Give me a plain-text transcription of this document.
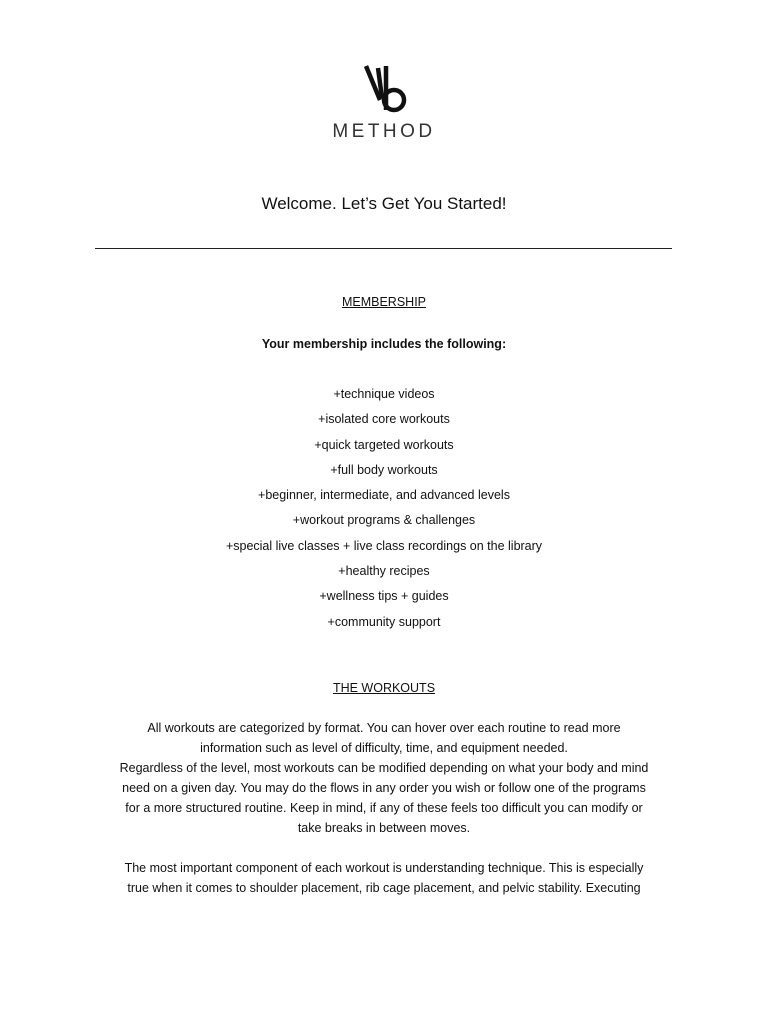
METHOD
Welcome. Let’s Get You Started!
MEMBERSHIP
Your membership includes the following:
+technique videos
+isolated core workouts
+quick targeted workouts
+full body workouts
+beginner, intermediate, and advanced levels
+workout programs & challenges
+special live classes + live class recordings on the library
+healthy recipes
+wellness tips + guides
+community support
THE WORKOUTS
All workouts are categorized by format. You can hover over each routine to read more
information such as level of difficulty, time, and equipment needed.
Regardless of the level, most workouts can be modified depending on what your body and mind
need on a given day. You may do the flows in any order you wish or follow one of the programs
for a more structured routine. Keep in mind, if any of these feels too difficult you can modify or
take breaks in between moves.
The most important component of each workout is understanding technique. This is especially
true when it comes to shoulder placement, rib cage placement, and pelvic stability. Executing
